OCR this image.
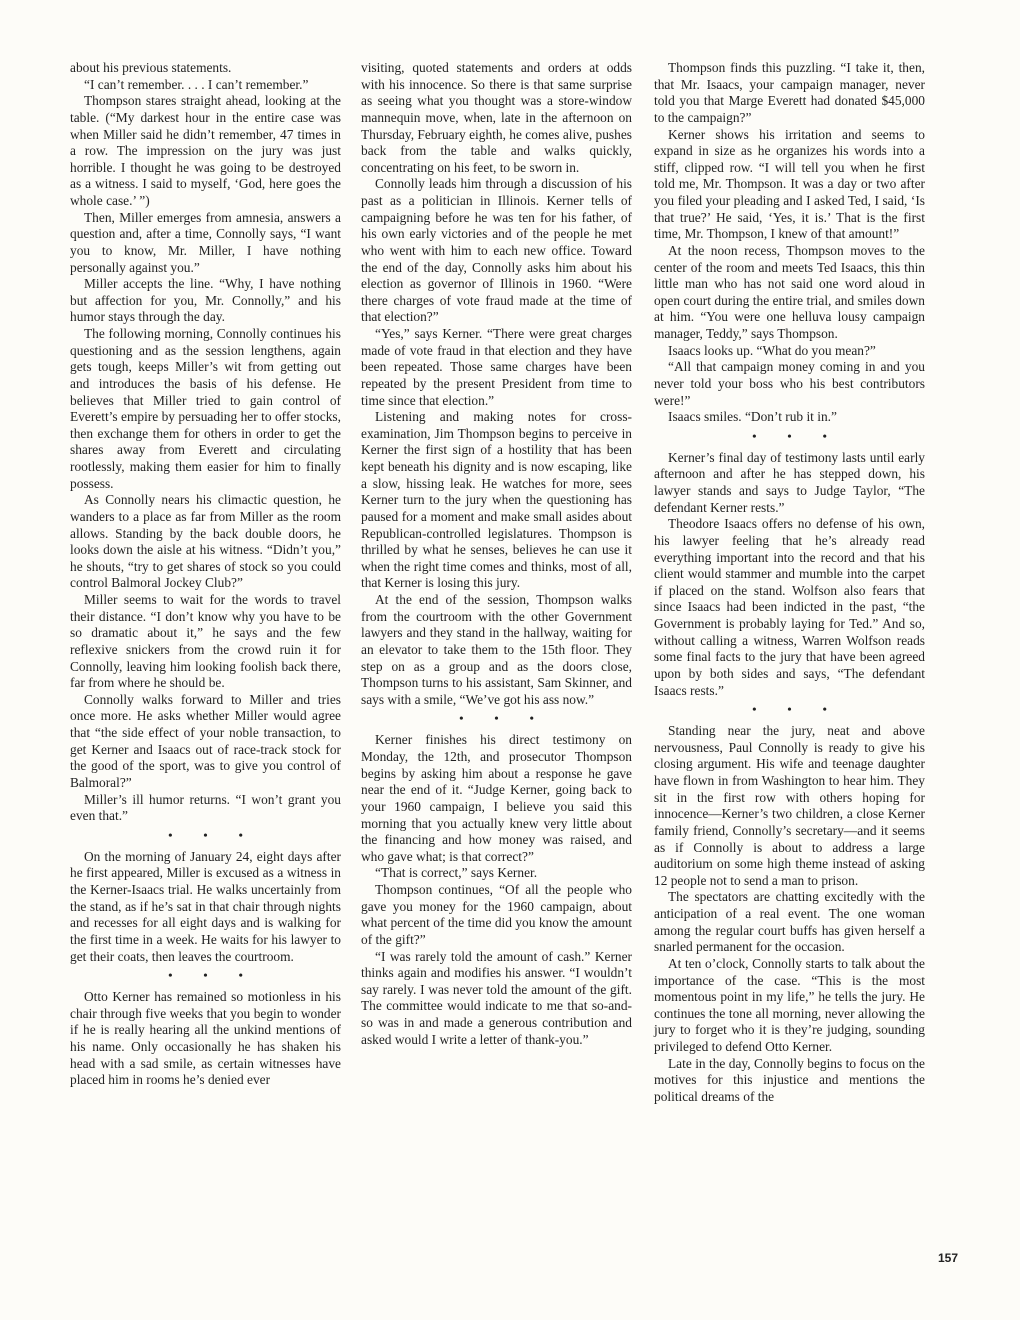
about his previous statements.

“I can’t remember. . . . I can’t remember.”

Thompson stares straight ahead, looking at the table. (“My darkest hour in the entire case was when Miller said he didn’t remember, 47 times in a row. The impression on the jury was just horrible. I thought he was going to be destroyed as a witness. I said to myself, ‘God, here goes the whole case.’ ”)

Then, Miller emerges from amnesia, answers a question and, after a time, Connolly says, “I want you to know, Mr. Miller, I have nothing personally against you.”

Miller accepts the line. “Why, I have nothing but affection for you, Mr. Connolly,” and his humor stays through the day.

The following morning, Connolly continues his questioning and as the session lengthens, again gets tough, keeps Miller’s wit from getting out and introduces the basis of his defense. He believes that Miller tried to gain control of Everett’s empire by persuading her to offer stocks, then exchange them for others in order to get the shares away from Everett and circulating rootlessly, making them easier for him to finally possess.

As Connolly nears his climactic question, he wanders to a place as far from Miller as the room allows. Standing by the back double doors, he looks down the aisle at his witness. “Didn’t you,” he shouts, “try to get shares of stock so you could control Balmoral Jockey Club?”

Miller seems to wait for the words to travel their distance. “I don’t know why you have to be so dramatic about it,” he says and the few reflexive snickers from the crowd ruin it for Connolly, leaving him looking foolish back there, far from where he should be.

Connolly walks forward to Miller and tries once more. He asks whether Miller would agree that “the side effect of your noble transaction, to get Kerner and Isaacs out of race-track stock for the good of the sport, was to give you control of Balmoral?”

Miller’s ill humor returns. “I won’t grant you even that.”

• • •

On the morning of January 24, eight days after he first appeared, Miller is excused as a witness in the Kerner-Isaacs trial. He walks uncertainly from the stand, as if he’s sat in that chair through nights and recesses for all eight days and is walking for the first time in a week. He waits for his lawyer to get their coats, then leaves the courtroom.

• • •

Otto Kerner has remained so motionless in his chair through five weeks that you begin to wonder if he is really hearing all the unkind mentions of his name. Only occasionally he has shaken his head with a sad smile, as certain witnesses have placed him in rooms he’s denied ever

visiting, quoted statements and orders at odds with his innocence. So there is that same surprise as seeing what you thought was a store-window mannequin move, when, late in the afternoon on Thursday, February eighth, he comes alive, pushes back from the table and walks quickly, concentrating on his feet, to be sworn in.

Connolly leads him through a discussion of his past as a politician in Illinois. Kerner tells of campaigning before he was ten for his father, of his own early victories and of the people he met who went with him to each new office. Toward the end of the day, Connolly asks him about his election as governor of Illinois in 1960. “Were there charges of vote fraud made at the time of that election?”

“Yes,” says Kerner. “There were great charges made of vote fraud in that election and they have been repeated. Those same charges have been repeated by the present President from time to time since that election.”

Listening and making notes for cross-examination, Jim Thompson begins to perceive in Kerner the first sign of a hostility that has been kept beneath his dignity and is now escaping, like a slow, hissing leak. He watches for more, sees Kerner turn to the jury when the questioning has paused for a moment and make small asides about Republican-controlled legislatures. Thompson is thrilled by what he senses, believes he can use it when the right time comes and thinks, most of all, that Kerner is losing this jury.

At the end of the session, Thompson walks from the courtroom with the other Government lawyers and they stand in the hallway, waiting for an elevator to take them to the 15th floor. They step on as a group and as the doors close, Thompson turns to his assistant, Sam Skinner, and says with a smile, “We’ve got his ass now.”

• • •

Kerner finishes his direct testimony on Monday, the 12th, and prosecutor Thompson begins by asking him about a response he gave near the end of it. “Judge Kerner, going back to your 1960 campaign, I believe you said this morning that you actually knew very little about the financing and how money was raised, and who gave what; is that correct?”

“That is correct,” says Kerner.

Thompson continues, “Of all the people who gave you money for the 1960 campaign, about what percent of the time did you know the amount of the gift?”

“I was rarely told the amount of cash.” Kerner thinks again and modifies his answer. “I wouldn’t say rarely. I was never told the amount of the gift. The committee would indicate to me that so-and-so was in and made a generous contribution and asked would I write a letter of thank-you.”

Thompson finds this puzzling. “I take it, then, that Mr. Isaacs, your campaign manager, never told you that Marge Everett had donated $45,000 to the campaign?”

Kerner shows his irritation and seems to expand in size as he organizes his words into a stiff, clipped row. “I will tell you when he first told me, Mr. Thompson. It was a day or two after you filed your pleading and I asked Ted, I said, ‘Is that true?’ He said, ‘Yes, it is.’ That is the first time, Mr. Thompson, I knew of that amount!”

At the noon recess, Thompson moves to the center of the room and meets Ted Isaacs, this thin little man who has not said one word aloud in open court during the entire trial, and smiles down at him. “You were one helluva lousy campaign manager, Teddy,” says Thompson.

Isaacs looks up. “What do you mean?”

“All that campaign money coming in and you never told your boss who his best contributors were!”

Isaacs smiles. “Don’t rub it in.”

• • •

Kerner’s final day of testimony lasts until early afternoon and after he has stepped down, his lawyer stands and says to Judge Taylor, “The defendant Kerner rests.”

Theodore Isaacs offers no defense of his own, his lawyer feeling that he’s already read everything important into the record and that his client would stammer and mumble into the carpet if placed on the stand. Wolfson also fears that since Isaacs had been indicted in the past, “the Government is probably laying for Ted.” And so, without calling a witness, Warren Wolfson reads some final facts to the jury that have been agreed upon by both sides and says, “The defendant Isaacs rests.”

• • •

Standing near the jury, neat and above nervousness, Paul Connolly is ready to give his closing argument. His wife and teenage daughter have flown in from Washington to hear him. They sit in the first row with others hoping for innocence—Kerner’s two children, a close Kerner family friend, Connolly’s secretary—and it seems as if Connolly is about to address a large auditorium on some high theme instead of asking 12 people not to send a man to prison.

The spectators are chatting excitedly with the anticipation of a real event. The one woman among the regular court buffs has given herself a snarled permanent for the occasion.

At ten o’clock, Connolly starts to talk about the importance of the case. “This is the most momentous point in my life,” he tells the jury. He continues the tone all morning, never allowing the jury to forget who it is they’re judging, sounding privileged to defend Otto Kerner.

Late in the day, Connolly begins to focus on the motives for this injustice and mentions the political dreams of the

157
